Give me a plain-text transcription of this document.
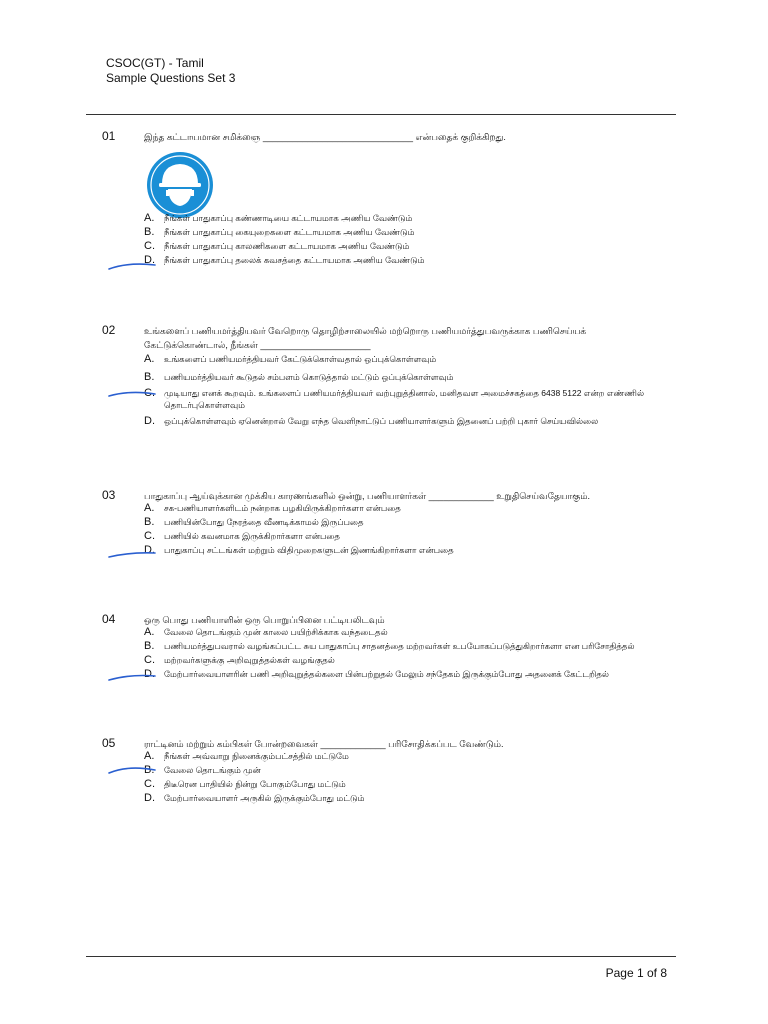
CSOC(GT) - Tamil
Sample Questions Set 3
01	இந்த கட்டாயமான சமிக்ஞை ______________________________ என்பதைக் குறிக்கிறது.
A.	நீங்கள் பாதுகாப்பு கண்ணாடியை கட்டாயமாக அணிய வேண்டும்
B.	நீங்கள் பாதுகாப்பு கையுறைகளை கட்டாயமாக அணிய வேண்டும்
C.	நீங்கள் பாதுகாப்பு காலணிகளை கட்டாயமாக அணிய வேண்டும்
D.	நீங்கள் பாதுகாப்பு தலைக் கவசத்தை கட்டாயமாக அணிய வேண்டும்
02	உங்களைப் பணியமர்த்தியவர் வேறொரு தொழிற்சாலையில் மற்றொரு பணியமர்த்துபவருக்காக பணிசெய்யக் கேட்டுக்கொண்டால், நீங்கள் ______________________
A.	உங்களைப் பணியமர்த்தியவர் கேட்டுக்கொள்வதால் ஒப்புக்கொள்ளவும்
B.	பணியமர்த்தியவர் கூடுதல் சம்பளம் கொடுத்தால் மட்டும் ஒப்புக்கொள்ளவும்
C.	முடியாது எனக் கூறவும். உங்களைப் பணியமர்த்தியவர் வற்புறுத்தினால், மனிதவள அமைச்சகத்தை 6438 5122 என்ற எண்ணில் தொடர்புகொள்ளவும்
D.	ஒப்புக்கொள்ளவும் ஏனென்றால் வேறு எந்த வெளிநாட்டுப் பணியாளர்களும் இதனைப் பற்றி புகார் செய்யவில்லை
03	பாதுகாப்பு ஆய்வுக்கான முக்கிய காரணங்களில் ஒன்று, பணியாளர்கள் _____________ உறுதிசெய்வதேயாகும்.
A.	சக-பணியாளர்களிடம் நன்றாக பழகியிருக்கிறார்களா என்பதை
B.	பணியின்போது நேரத்தை வீணடிக்காமல் இருப்பதை
C.	பணியில் கவனமாக இருக்கிறார்களா என்பதை
D.	பாதுகாப்பு சட்டங்கள் மற்றும் விதிமுறைகளுடன் இணங்கிறார்களா என்பதை
04	ஒரு பொது பணியாளின் ஒரு பொறுப்பினை பட்டியலிடவும்
A.	வேலை தொடங்கும் முன் காலை பயிற்சிக்காக வந்தடைதல்
B.	பணியமர்த்துபவரால் வழங்கப்பட்ட சுய பாதுகாப்பு சாதனத்தை மற்றவர்கள் உபயோகப்படுத்துகிறார்களா என பரிசோதித்தல்
C.	மற்றவர்களுக்கு அறிவுறுத்தல்கள் வழங்குதல்
D.	மேற்பார்வையாளரின் பணி அறிவுறுத்தல்களை பின்பற்றுதல் மேலும் சந்தேகம் இருக்கும்போது அதனைக் கேட்டறிதல்
05	ராட்டினம் மற்றும் கம்பிகள் போன்றவைகள் _____________ பரிசோதிக்கப்பட வேண்டும்.
A.	நீங்கள் அவ்வாறு நினைக்கும்பட்சத்தில் மட்டுமே
B.	வேலை தொடங்கும் முன்
C.	திடீரென பாதியில் நின்று போகும்போது மட்டும்
D.	மேற்பார்வையாளர் அருகில் இருக்கும்போது மட்டும்
Page 1 of 8
